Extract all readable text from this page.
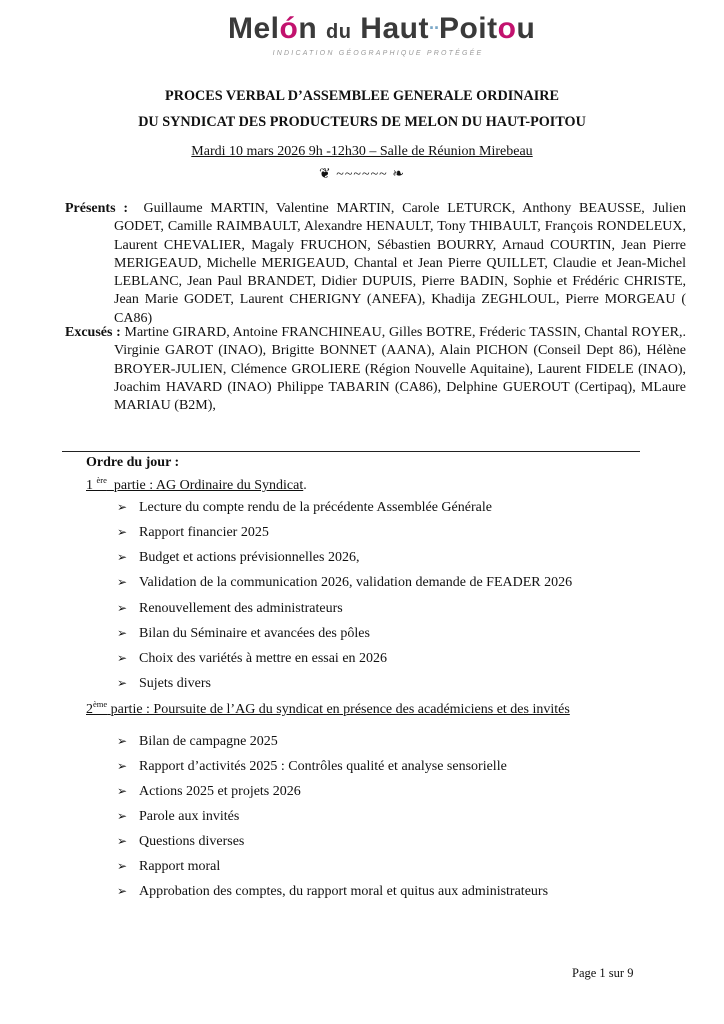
Melón du Haut··Poitou
INDICATION GÉOGRAPHIQUE PROTÉGÉE
PROCES VERBAL D’ASSEMBLEE GENERALE ORDINAIRE
DU SYNDICAT DES PRODUCTEURS DE MELON DU HAUT-POITOU
Mardi 10 mars 2026 9h -12h30 – Salle de Réunion Mirebeau
❦ ~~~~~~ ❧
Présents : Guillaume MARTIN, Valentine MARTIN, Carole LETURCK, Anthony BEAUSSE, Julien GODET, Camille RAIMBAULT, Alexandre HENAULT, Tony THIBAULT, François RONDELEUX, Laurent CHEVALIER, Magaly FRUCHON, Sébastien BOURRY, Arnaud COURTIN, Jean Pierre MERIGEAUD, Michelle MERIGEAUD, Chantal et Jean Pierre QUILLET, Claudie et Jean-Michel LEBLANC, Jean Paul BRANDET, Didier DUPUIS, Pierre BADIN, Sophie et Frédéric CHRISTE, Jean Marie GODET, Laurent CHERIGNY (ANEFA), Khadija ZEGHLOUL, Pierre MORGEAU ( CA86)
Excusés : Martine GIRARD, Antoine FRANCHINEAU, Gilles BOTRE, Fréderic TASSIN, Chantal ROYER,. Virginie GAROT (INAO), Brigitte BONNET (AANA), Alain PICHON (Conseil Dept 86), Hélène BROYER-JULIEN, Clémence GROLIERE (Région Nouvelle Aquitaine), Laurent FIDELE (INAO), Joachim HAVARD (INAO) Philippe TABARIN (CA86), Delphine GUEROUT (Certipaq), MLaure MARIAU (B2M),
Ordre du jour :
1 $^{ère}$ partie : AG Ordinaire du Syndicat.
➢ Lecture du compte rendu de la précédente Assemblée Générale
➢ Rapport financier 2025
➢ Budget et actions prévisionnelles 2026,
➢ Validation de la communication 2026, validation demande de FEADER 2026
➢ Renouvellement des administrateurs
➢ Bilan du Séminaire et avancées des pôles
➢ Choix des variétés à mettre en essai en 2026
➢ Sujets divers
2ème partie : Poursuite de l’AG du syndicat en présence des académiciens et des invités
➢ Bilan de campagne 2025
➢ Rapport d’activités 2025 : Contrôles qualité et analyse sensorielle
➢ Actions 2025 et projets 2026
➢ Parole aux invités
➢ Questions diverses
➢ Rapport moral
➢ Approbation des comptes, du rapport moral et quitus aux administrateurs
Page 1 sur 9
